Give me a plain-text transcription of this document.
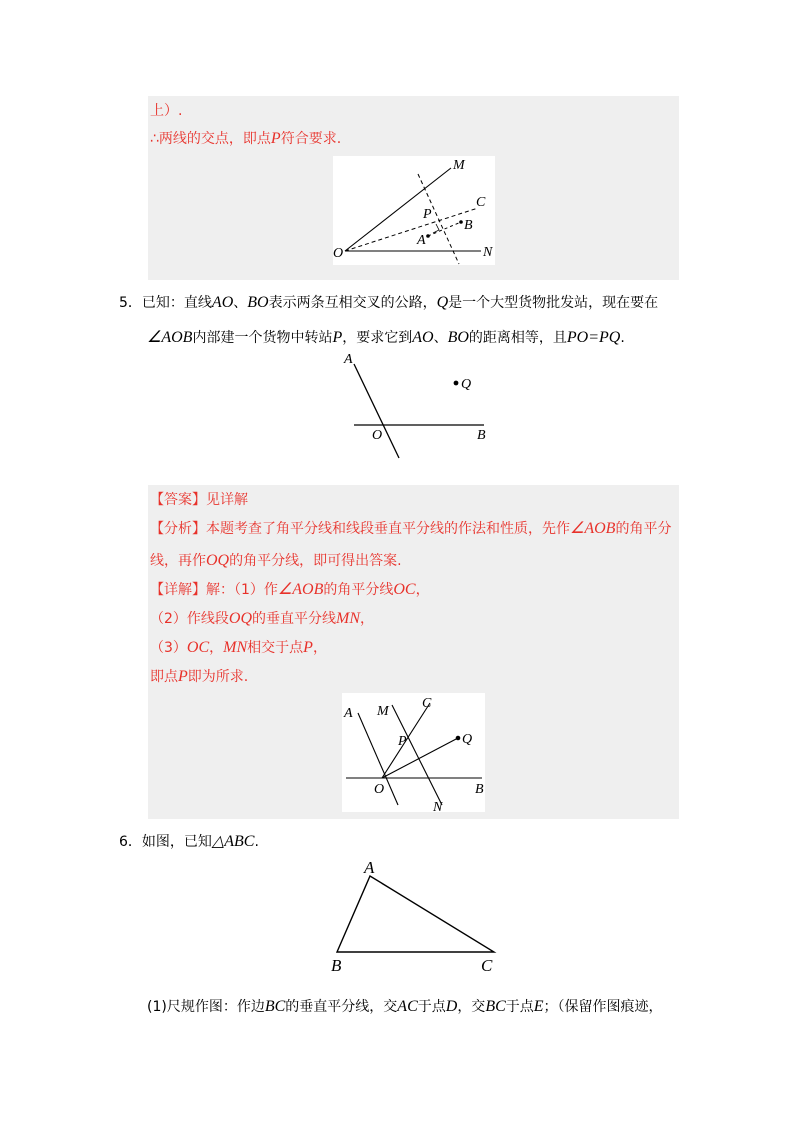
上）.
∴两线的交点，即点P符合要求.
M
C
P
B
A
O	N
5．已知：直线AO、BO表示两条互相交叉的公路，Q是一个大型货物批发站，现在要在
∠AOB内部建一个货物中转站P，要求它到AO、BO的距离相等，且PO=PQ.
A
Q
O	B
【答案】见详解
【分析】本题考查了角平分线和线段垂直平分线的作法和性质，先作∠AOB的角平分
线，再作OQ的角平分线，即可得出答案.
【详解】解：（1）作∠AOB的角平分线OC，
（2）作线段OQ的垂直平分线MN，
（3）OC，MN相交于点P，
即点P即为所求.
A M
C
P	Q
O
N
B
6．如图，已知△ABC.
A
B	C
(1)尺规作图：作边BC的垂直平分线，交AC于点D，交BC于点E；（保留作图痕迹，
